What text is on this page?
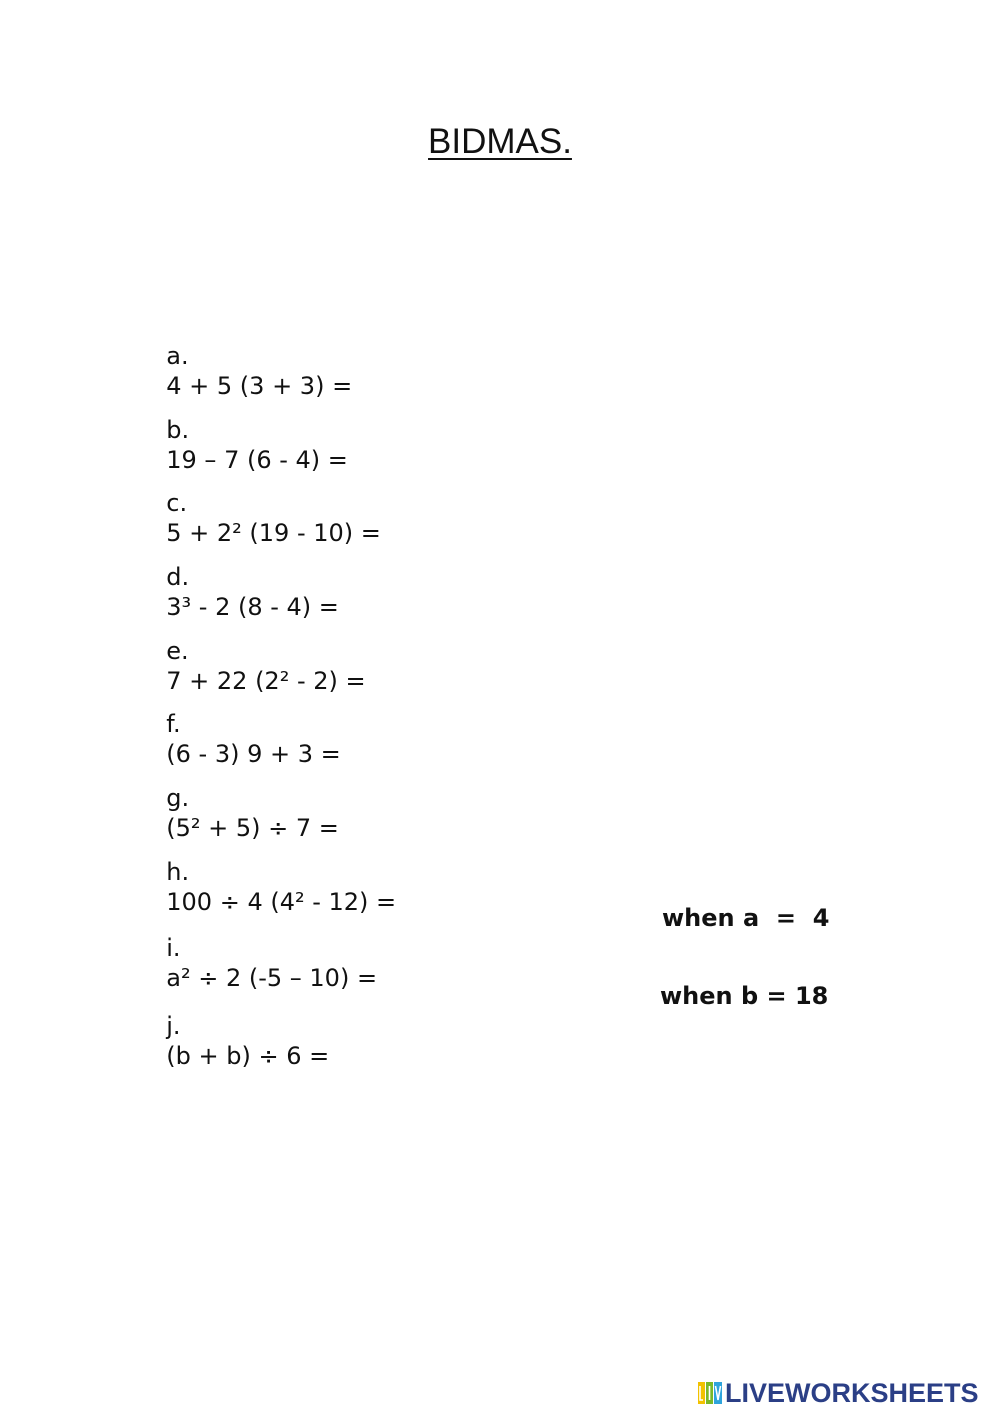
BIDMAS.

a.
4 + 5 (3 + 3) =

b.
19 – 7 (6 - 4) =

c.
5 + 2² (19 - 10) =

d.
3³ - 2 (8 - 4) =

e.
7 + 22 (2² - 2) =

f.
(6 - 3) 9 + 3 =

g.
(5² + 5) ÷ 7 =

h.
100 ÷ 4 (4² - 12) =

i.
a² ÷ 2 (-5 – 10) =

when a  =  4

j.
(b + b) ÷ 6 =

when b = 18
LIVEWORKSHEETS
